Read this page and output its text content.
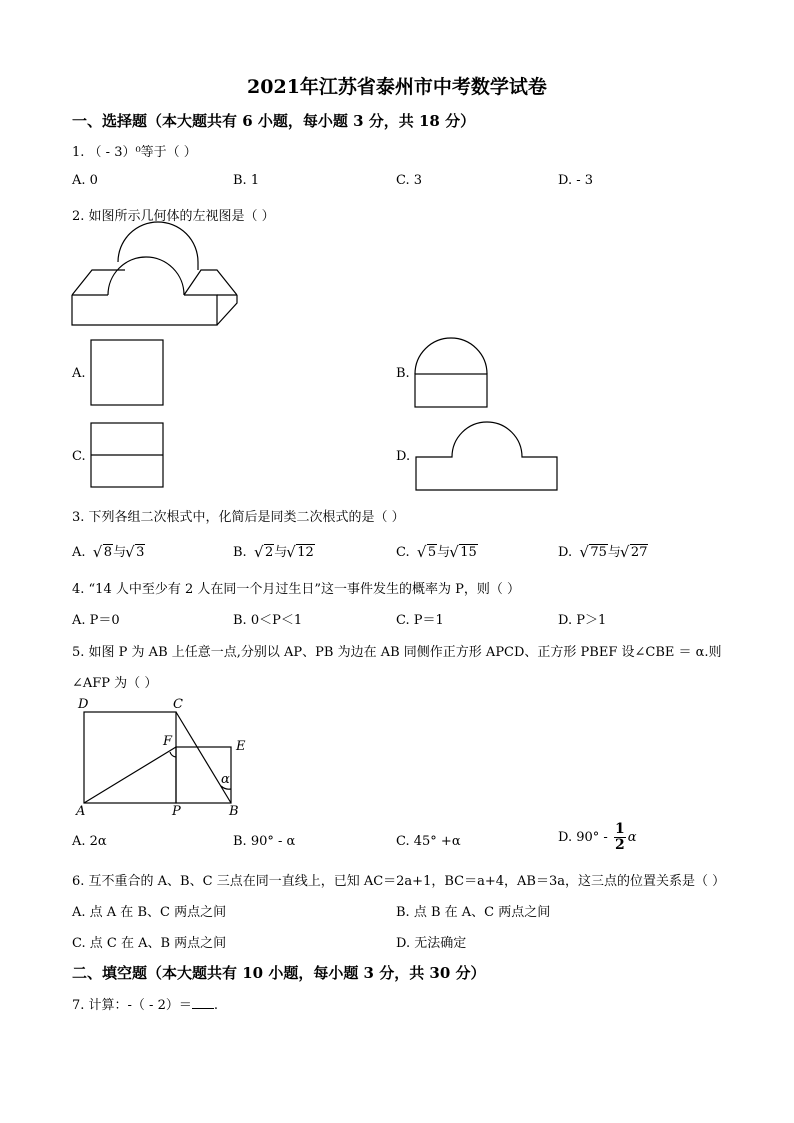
2021年江苏省泰州市中考数学试卷
一、选择题（本大题共有 6 小题，每小题 3 分，共 18 分）
1. （ - 3）⁰等于（ ）
A. 0	B. 1	C. 3	D. - 3
2. 如图所示几何体的左视图是（ ）
A.	B.
C.	D.
3. 下列各组二次根式中，化简后是同类二次根式的是（ ）
A. √ 8与 √ 3	B. √ 2与 √ 12	C. √ 5与 √ 15	D. √ 75与 √ 27
4. “14 人中至少有 2 人在同一个月过生日”这一事件发生的概率为 P，则（ ）
A. P＝0	B. 0＜P＜1	C. P＝1	D. P＞1
5. 如图 P 为 AB 上任意一点,分别以 AP、PB 为边在 AB 同侧作正方形 APCD、正方形 PBEF 设∠CBE ＝ α.则
∠AFP 为（ ）
D	C
F	E
α
A	P	B
A. 2α	B. 90° - α	C. 45° +α	D. $90^\circ - \frac{1}{2}$ α
6. 互不重合的 A、B、C 三点在同一直线上，已知 AC＝2a+1，BC＝a+4，AB＝3a，这三点的位置关系是（ ）
A. 点 A 在 B、C 两点之间	B. 点 B 在 A、C 两点之间
C. 点 C 在 A、B 两点之间	D. 无法确定
二、填空题（本大题共有 10 小题，每小题 3 分，共 30 分）
7. 计算：-（ - 2）＝ .
